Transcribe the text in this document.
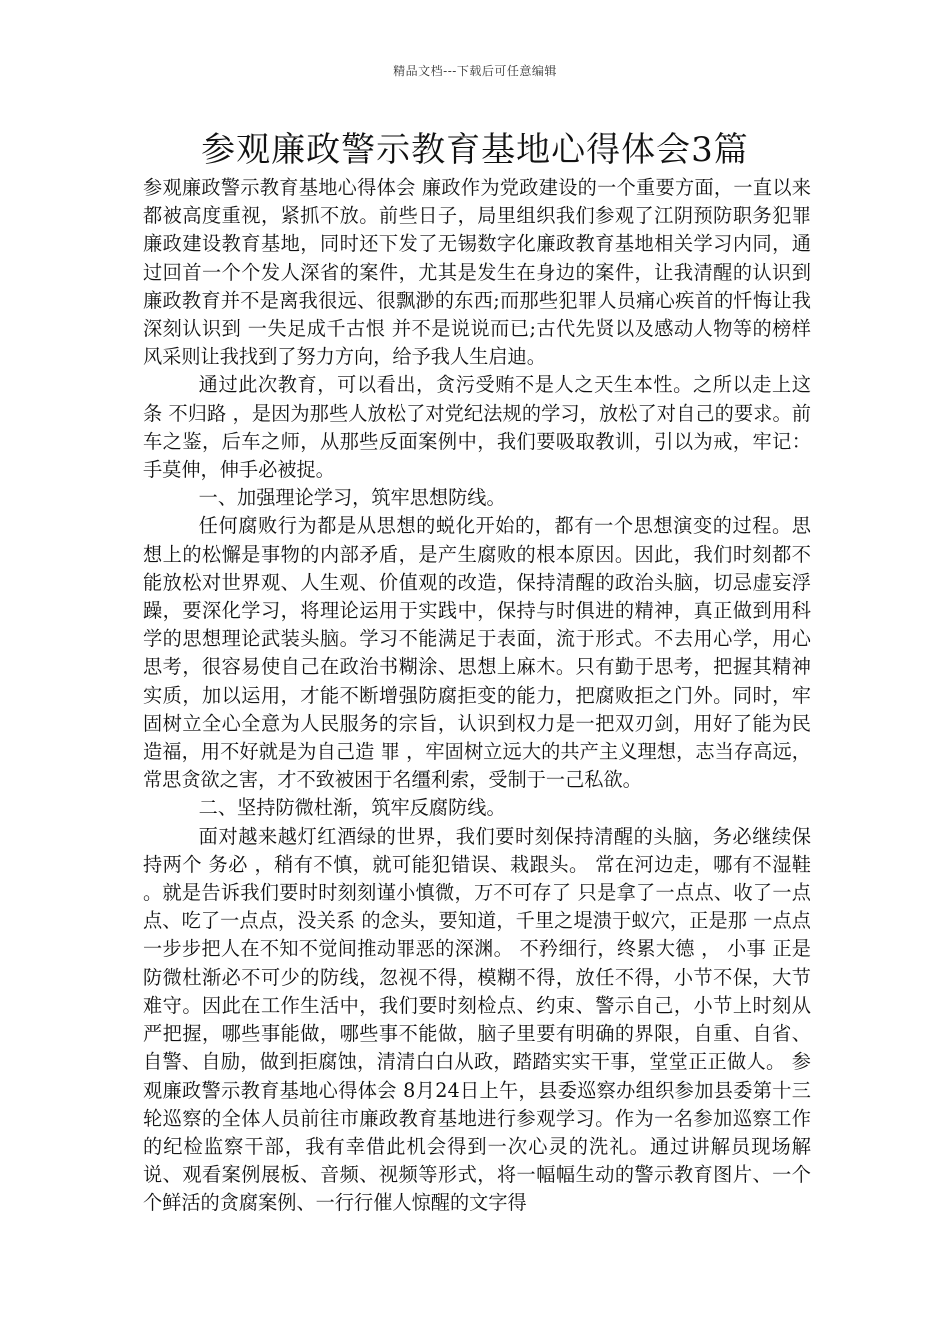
精品文档---下载后可任意编辑
参观廉政警示教育基地心得体会3篇

参观廉政警示教育基地心得体会 廉政作为党政建设的一个重要方面，一直以来都被高度重视，紧抓不放。前些日子，局里组织我们参观了江阴预防职务犯罪廉政建设教育基地，同时还下发了无锡数字化廉政教育基地相关学习内同，通过回首一个个发人深省的案件，尤其是发生在身边的案件，让我清醒的认识到廉政教育并不是离我很远、很飘渺的东西;而那些犯罪人员痛心疾首的忏悔让我深刻认识到 一失足成千古恨 并不是说说而已;古代先贤以及感动人物等的榜样风采则让我找到了努力方向，给予我人生启迪。

通过此次教育，可以看出，贪污受贿不是人之天生本性。之所以走上这条 不归路 ，是因为那些人放松了对党纪法规的学习，放松了对自己的要求。前车之鉴，后车之师，从那些反面案例中，我们要吸取教训，引以为戒，牢记：手莫伸，伸手必被捉。

一、加强理论学习，筑牢思想防线。

任何腐败行为都是从思想的蜕化开始的，都有一个思想演变的过程。思想上的松懈是事物的内部矛盾，是产生腐败的根本原因。因此，我们时刻都不能放松对世界观、人生观、价值观的改造，保持清醒的政治头脑，切忌虚妄浮躁，要深化学习，将理论运用于实践中，保持与时俱进的精神，真正做到用科学的思想理论武装头脑。学习不能满足于表面，流于形式。不去用心学，用心思考，很容易使自己在政治书糊涂、思想上麻木。只有勤于思考，把握其精神实质，加以运用，才能不断增强防腐拒变的能力，把腐败拒之门外。同时，牢固树立全心全意为人民服务的宗旨，认识到权力是一把双刃剑，用好了能为民造福，用不好就是为自己造 罪 ，牢固树立远大的共产主义理想，志当存高远，常思贪欲之害，才不致被困于名缰利索，受制于一己私欲。

二、坚持防微杜渐，筑牢反腐防线。

面对越来越灯红酒绿的世界，我们要时刻保持清醒的头脑，务必继续保持两个 务必 ，稍有不慎，就可能犯错误、栽跟头。 常在河边走，哪有不湿鞋 。就是告诉我们要时时刻刻谨小慎微，万不可存了 只是拿了一点点、收了一点点、吃了一点点，没关系 的念头，要知道，千里之堤溃于蚁穴，正是那 一点点 一步步把人在不知不觉间推动罪恶的深渊。 不矜细行，终累大德 ， 小事 正是防微杜渐必不可少的防线，忽视不得，模糊不得，放任不得，小节不保，大节难守。因此在工作生活中，我们要时刻检点、约束、警示自己，小节上时刻从严把握，哪些事能做，哪些事不能做，脑子里要有明确的界限，自重、自省、自警、自励，做到拒腐蚀，清清白白从政，踏踏实实干事，堂堂正正做人。 参观廉政警示教育基地心得体会 8月24日上午，县委巡察办组织参加县委第十三轮巡察的全体人员前往市廉政教育基地进行参观学习。作为一名参加巡察工作的纪检监察干部，我有幸借此机会得到一次心灵的洗礼。通过讲解员现场解说、观看案例展板、音频、视频等形式，将一幅幅生动的警示教育图片、一个个鲜活的贪腐案例、一行行催人惊醒的文字得
